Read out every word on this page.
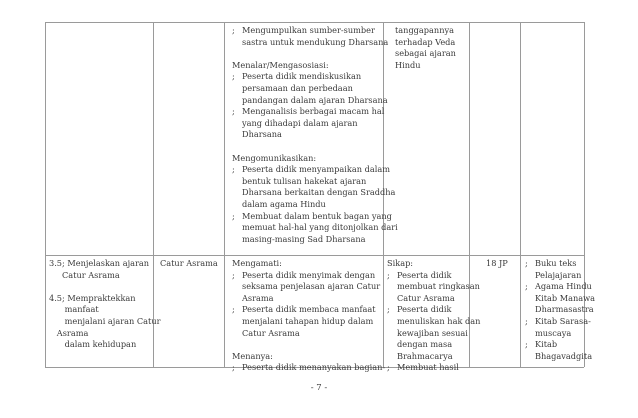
; Mengumpulkan sumber-sumber
sastra untuk mendukung Dharsana
Menalar/Mengasosiasi:
; Peserta didik mendiskusikan
persamaan dan perbedaan
pandangan dalam ajaran Dharsana
; Menganalisis berbagai macam hal
yang dihadapi dalam ajaran
Dharsana
Mengomunikasikan:
; Peserta didik menyampaikan dalam
bentuk tulisan hakekat ajaran
Dharsana berkaitan dengan Sraddha
dalam agama Hindu
; Membuat dalam bentuk bagan yang
memuat hal-hal yang ditonjolkan dari
masing-masing Sad Dharsana
tanggapannya
terhadap Veda
sebagai ajaran
Hindu
3.5; Menjelaskan ajaran
Catur Asrama
4.5; Mempraktekkan
manfaat
menjalani ajaran Catur
Asrama
dalam kehidupan
Catur Asrama Mengamati:
; Peserta didik menyimak dengan
seksama penjelasan ajaran Catur
Asrama
; Peserta didik membaca manfaat
menjalani tahapan hidup dalam
Catur Asrama
Menanya:
; Peserta didik menanyakan bagian-
Sikap:
; Peserta didik
membuat ringkasan
Catur Asrama
; Peserta didik
menuliskan hak dan
kewajiban sesuai
dengan masa
Brahmacarya
; Membuat hasil
18 JP ; Buku teks
Pelajajaran
; Agama Hindu
Kitab Manawa
Dharmasastra
; Kitab Sarasa-
muscaya
; Kitab
Bhagavadgita
- 7 -
